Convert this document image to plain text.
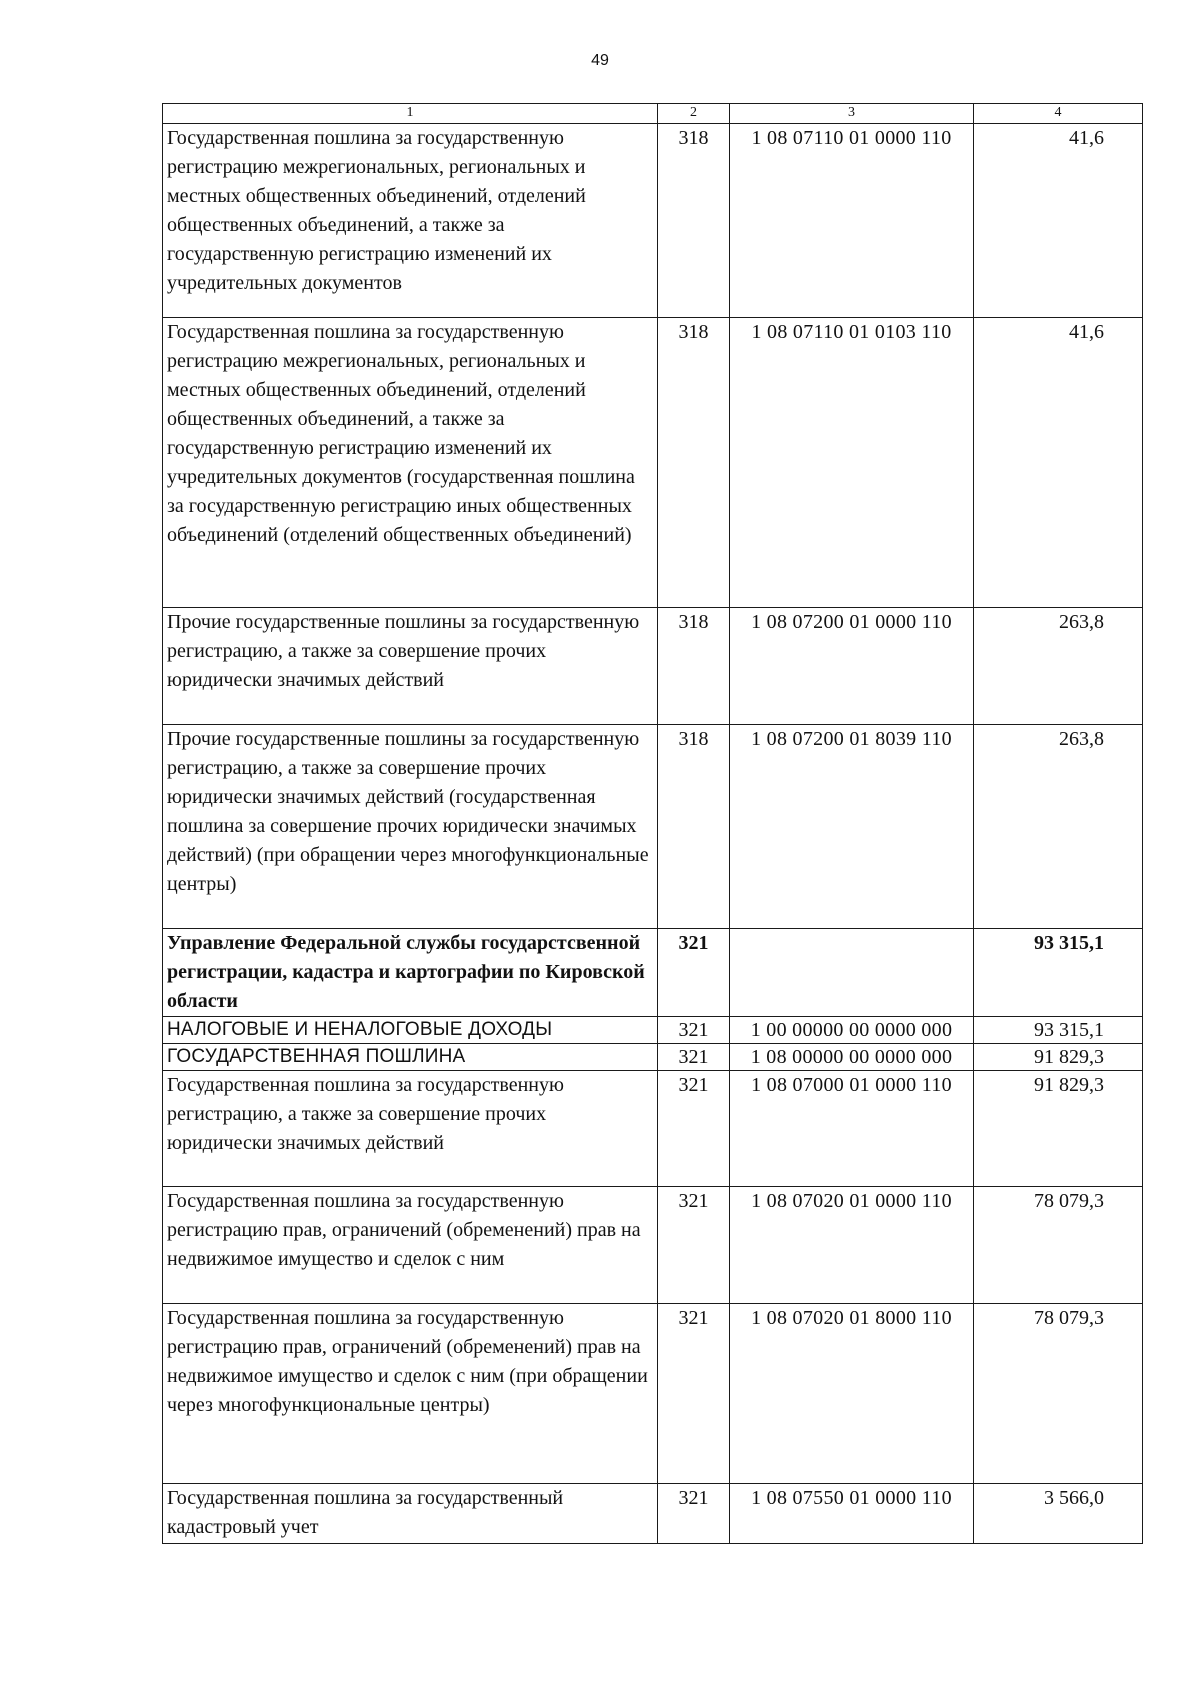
49
1	2	3	4
Государственная пошлина за государственную регистрацию межрегиональных, региональных и местных общественных объединений, отделений общественных объединений, а также за государственную регистрацию изменений их учредительных документов	318	1 08 07110 01 0000 110	41,6
Государственная пошлина за государственную регистрацию межрегиональных, региональных и местных общественных объединений, отделений общественных объединений, а также за государственную регистрацию изменений их учредительных документов (государственная пошлина за государственную регистрацию иных общественных объединений (отделений общественных объединений)	318	1 08 07110 01 0103 110	41,6
Прочие государственные пошлины за государственную регистрацию, а также за совершение прочих юридически значимых действий	318	1 08 07200 01 0000 110	263,8
Прочие государственные пошлины за государственную регистрацию, а также за совершение прочих юридически значимых действий (государственная пошлина за совершение прочих юридически значимых действий) (при обращении через многофункциональные центры)	318	1 08 07200 01 8039 110	263,8
Управление Федеральной службы государстсвенной регистрации, кадастра и картографии по Кировской области	321		93 315,1
НАЛОГОВЫЕ И НЕНАЛОГОВЫЕ ДОХОДЫ	321	1 00 00000 00 0000 000	93 315,1
ГОСУДАРСТВЕННАЯ ПОШЛИНА	321	1 08 00000 00 0000 000	91 829,3
Государственная пошлина за государственную регистрацию, а также за совершение прочих юридически значимых действий	321	1 08 07000 01 0000 110	91 829,3
Государственная пошлина за государственную регистрацию прав, ограничений (обременений) прав на недвижимое имущество и сделок с ним	321	1 08 07020 01 0000 110	78 079,3
Государственная пошлина за государственную регистрацию прав, ограничений (обременений) прав на недвижимое имущество и сделок с ним (при обращении через многофункциональные центры)	321	1 08 07020 01 8000 110	78 079,3
Государственная пошлина за государственный кадастровый учет	321	1 08 07550 01 0000 110	3 566,0
